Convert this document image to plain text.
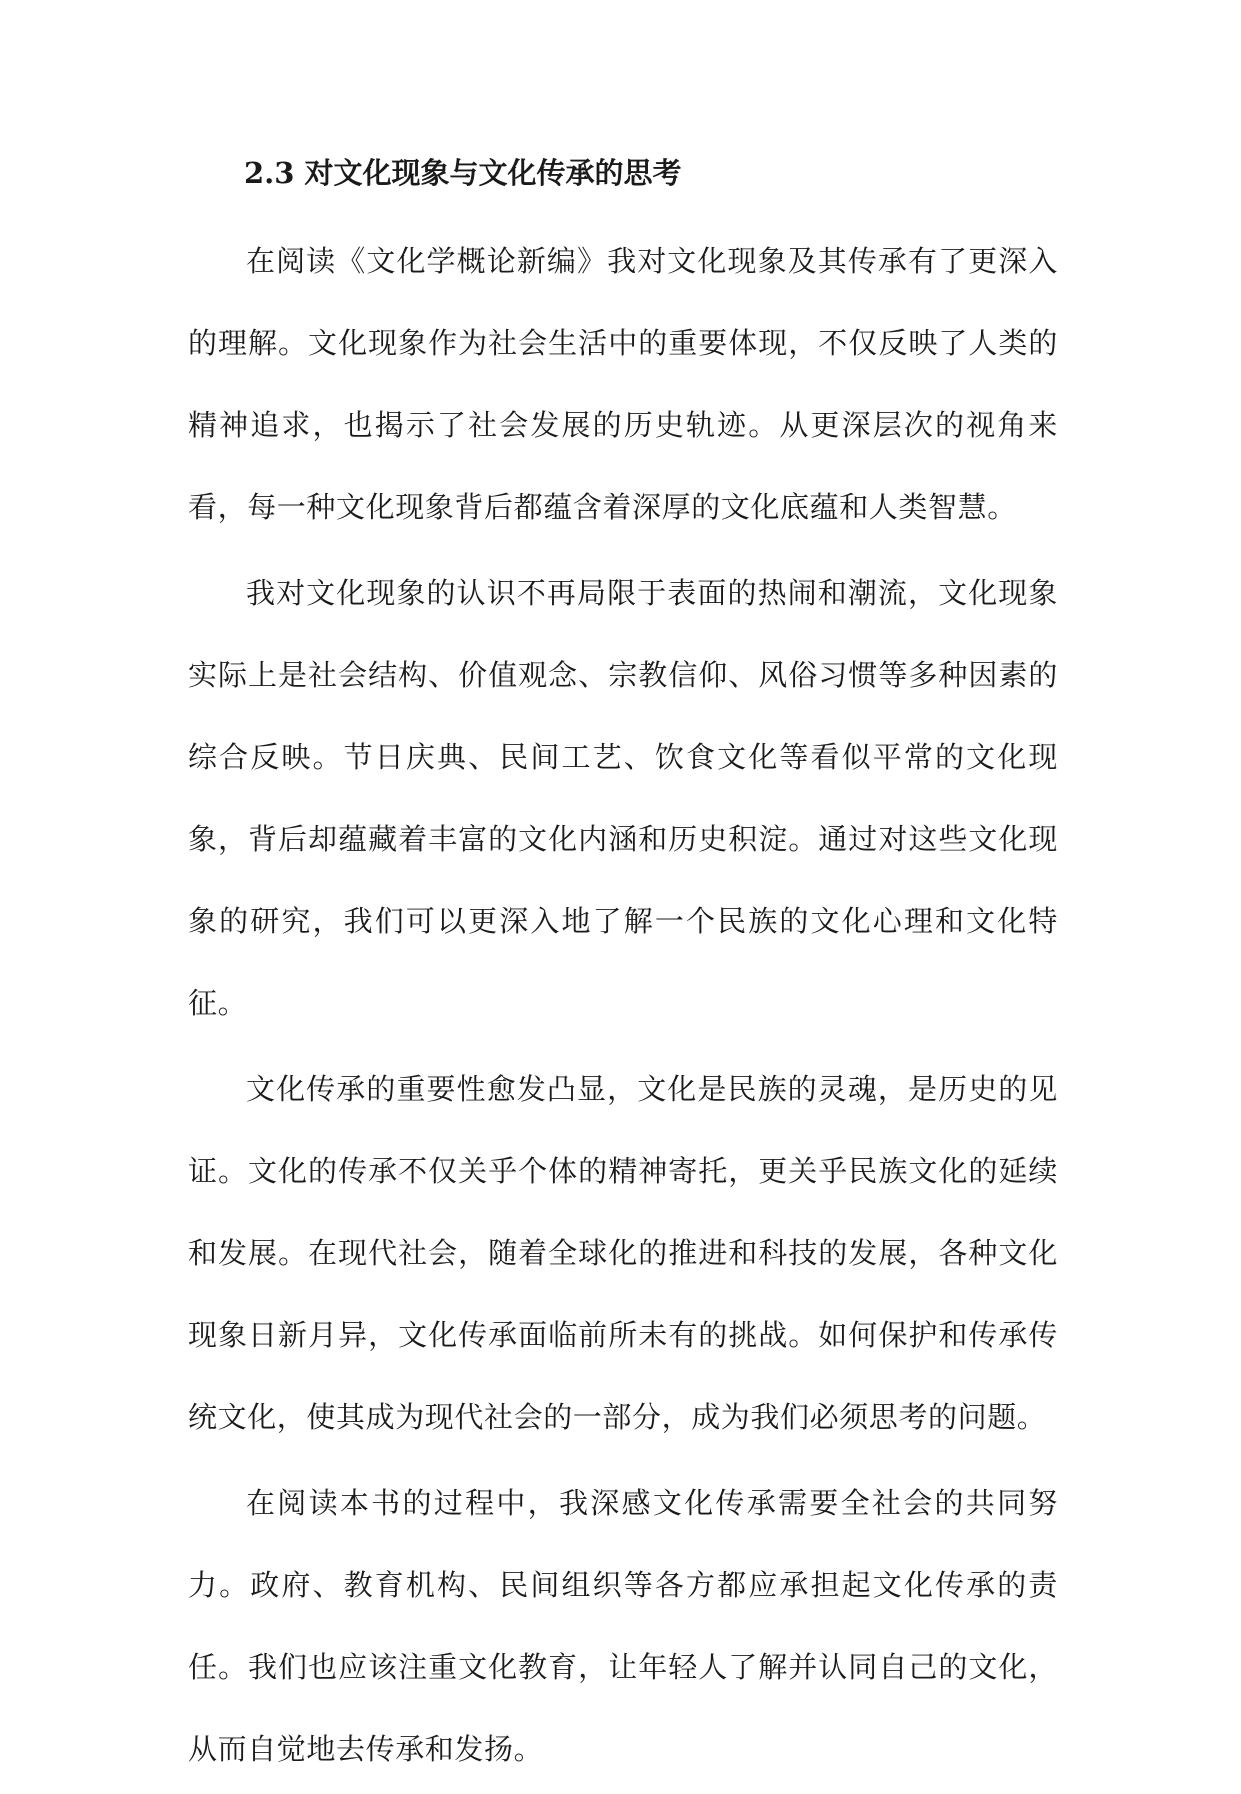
2.3 对文化现象与文化传承的思考

在阅读《文化学概论新编》我对文化现象及其传承有了更深入的理解。文化现象作为社会生活中的重要体现，不仅反映了人类的精神追求，也揭示了社会发展的历史轨迹。从更深层次的视角来看，每一种文化现象背后都蕴含着深厚的文化底蕴和人类智慧。

我对文化现象的认识不再局限于表面的热闹和潮流，文化现象实际上是社会结构、价值观念、宗教信仰、风俗习惯等多种因素的综合反映。节日庆典、民间工艺、饮食文化等看似平常的文化现象，背后却蕴藏着丰富的文化内涵和历史积淀。通过对这些文化现象的研究，我们可以更深入地了解一个民族的文化心理和文化特征。

文化传承的重要性愈发凸显，文化是民族的灵魂，是历史的见证。文化的传承不仅关乎个体的精神寄托，更关乎民族文化的延续和发展。在现代社会，随着全球化的推进和科技的发展，各种文化现象日新月异，文化传承面临前所未有的挑战。如何保护和传承传统文化，使其成为现代社会的一部分，成为我们必须思考的问题。

在阅读本书的过程中，我深感文化传承需要全社会的共同努力。政府、教育机构、民间组织等各方都应承担起文化传承的责任。我们也应该注重文化教育，让年轻人了解并认同自己的文化，从而自觉地去传承和发扬。
